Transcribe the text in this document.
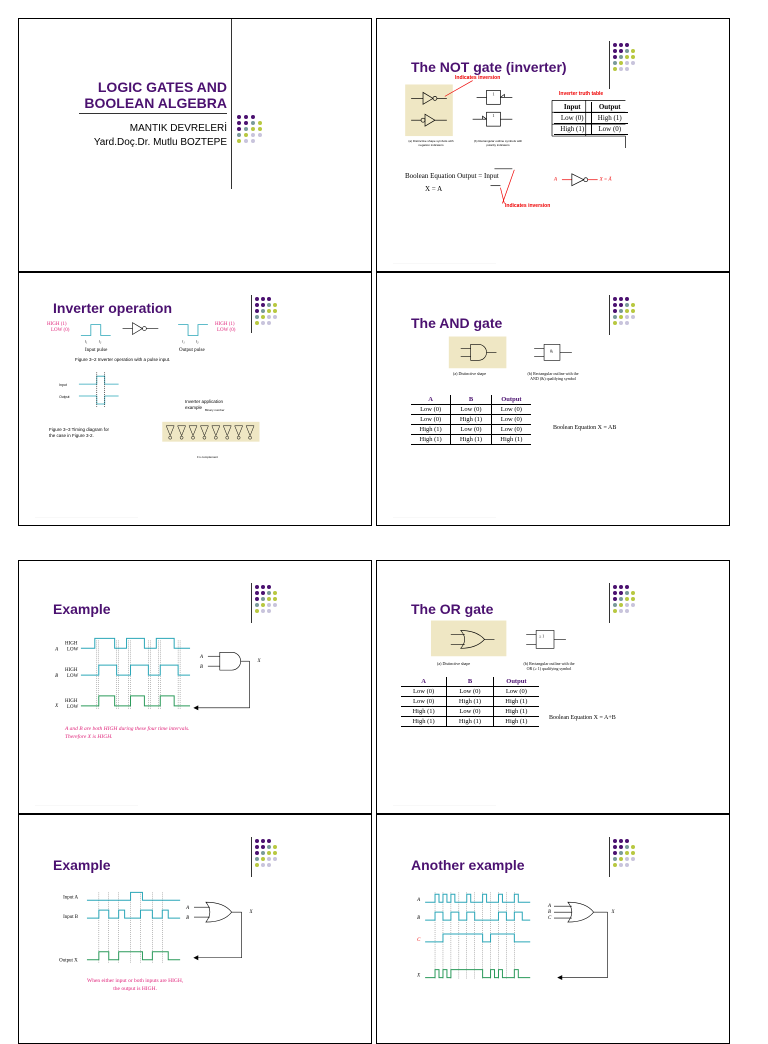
LOGIC GATES AND
BOOLEAN ALGEBRA
MANTIK DEVRELERİ
Yard.Doç.Dr. Mutlu BOZTEPE
The NOT gate (inverter)
Indicates inversion
Inverter truth table
1
1
A	X = Ā
(a) Distinctive shape symbols with negation indicators
(b) Rectangular outline symbols with polarity indicators
Input	Output
Low (0)	High (1)
High (1)	Low (0)
Boolean Equation Output = Input
X = A
Indicates inversion
·······································································································
Inverter operation
t₁	t₂	t₁	t₂
Input
Output
HIGH (1)
LOW (0)
HIGH (1)
LOW (0)
Input pulse	Output pulse
Figure 3–2 Inverter operation with a pulse input.
Figure 3–3 Timing diagram for
the case in Figure 3-2.
Inverter application
example Binary number
1's complement
·······································································································
The AND gate
&
(a) Distinctive shape	(b) Rectangular outline with the AND (&) qualifying symbol
A	B	Output
Low (0)	Low (0)	Low (0)
Low (0)	High (1)	Low (0)
High (1)	Low (0)	Low (0)
High (1)	High (1)	High (1)
Boolean Equation X = AB
·······································································································
Example
A
B
X
A
B
X
HIGH
LOW
HIGH
LOW
HIGH
LOW
A and B are both HIGH during these four time intervals.
Therefore X is HIGH.
·······································································································
The OR gate
≥ 1
(a) Distinctive shape	(b) Rectangular outline with the OR (≥ 1) qualifying symbol
A	B	Output
Low (0)	Low (0)	Low (0)
Low (0)	High (1)	High (1)
High (1)	Low (0)	High (1)
High (1)	High (1)	High (1)	Boolean Equation X = A+B
·······································································································
Example
A
B
X
Input A
Input B
Output X
When either input or both inputs are HIGH,
the output is HIGH.
Another example
A
B
C
X
A
B
C
X
